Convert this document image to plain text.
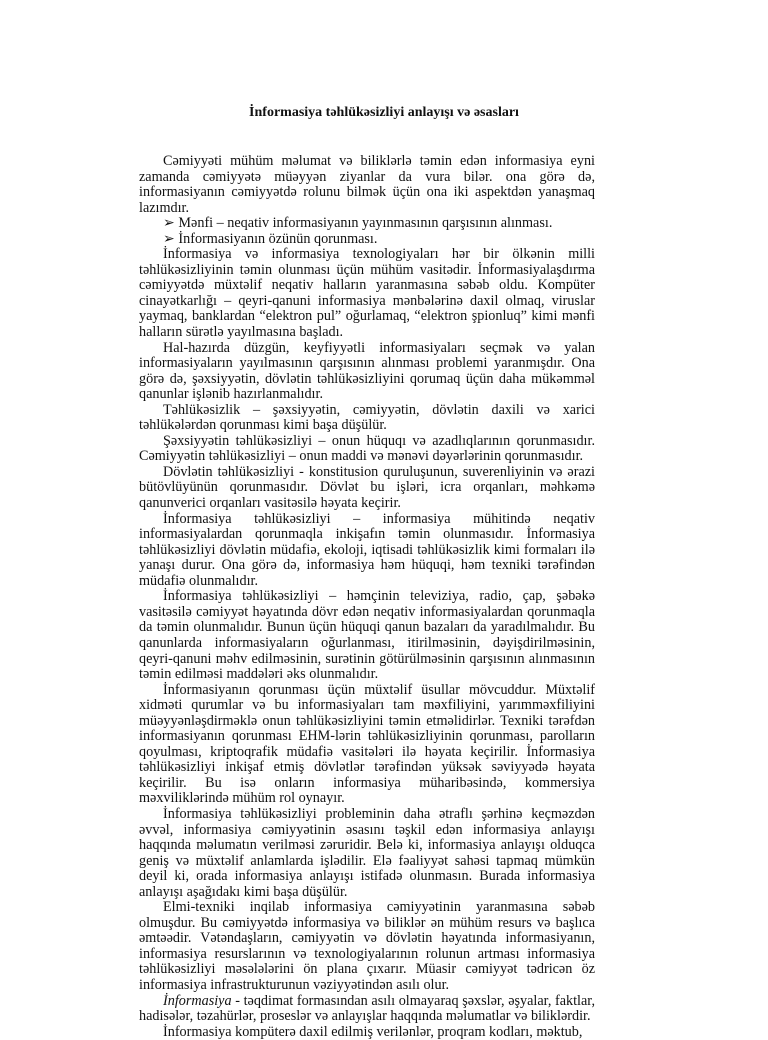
İnformasiya təhlükəsizliyi anlayışı və əsasları

Cəmiyyəti mühüm məlumat və biliklərlə təmin edən informasiya eyni zamanda cəmiyyətə müəyyən ziyanlar da vura bilər. ona görə də, informasiyanın cəmiyyətdə rolunu bilmək üçün ona iki aspektdən yanaşmaq lazımdır.

➢ Mənfi – neqativ informasiyanın yayınmasının qarşısının alınması.

➢ İnformasiyanın özünün qorunması.

İnformasiya və informasiya texnologiyaları hər bir ölkənin milli təhlükəsizliyinin təmin olunması üçün mühüm vasitədir. İnformasiyalaşdırma cəmiyyətdə müxtəlif neqativ halların yaranmasına səbəb oldu. Kompüter cinayətkarlığı – qeyri-qanuni informasiya mənbələrinə daxil olmaq, viruslar yaymaq, banklardan “elektron pul” oğurlamaq, “elektron şpionluq” kimi mənfi halların sürətlə yayılmasına başladı.

Hal-hazırda düzgün, keyfiyyətli informasiyaları seçmək və yalan informasiyaların yayılmasının qarşısının alınması problemi yaranmışdır. Ona görə də, şəxsiyyətin, dövlətin təhlükəsizliyini qorumaq üçün daha mükəmməl qanunlar işlənib hazırlanmalıdır.

Təhlükəsizlik – şəxsiyyətin, cəmiyyətin, dövlətin daxili və xarici təhlükələrdən qorunması kimi başa düşülür.

Şəxsiyyətin təhlükəsizliyi – onun hüquqı və azadlıqlarının qorunmasıdır. Cəmiyyətin təhlükəsizliyi – onun maddi və mənəvi dəyərlərinin qorunmasıdır.

Dövlətin təhlükəsizliyi - konstitusion quruluşunun, suverenliyinin və ərazi bütövlüyünün qorunmasıdır. Dövlət bu işləri, icra orqanları, məhkəmə qanunverici orqanları vasitəsilə həyata keçirir.

İnformasiya təhlükəsizliyi – informasiya mühitində neqativ informasiyalardan qorunmaqla inkişafın təmin olunmasıdır. İnformasiya təhlükəsizliyi dövlətin müdafiə, ekoloji, iqtisadi təhlükəsizlik kimi formaları ilə yanaşı durur. Ona görə də, informasiya həm hüquqi, həm texniki tərəfindən müdafiə olunmalıdır.

İnformasiya təhlükəsizliyi – həmçinin televiziya, radio, çap, şəbəkə vasitəsilə cəmiyyət həyatında dövr edən neqativ informasiyalardan qorunmaqla da təmin olunmalıdır. Bunun üçün hüquqi qanun bazaları da yaradılmalıdır. Bu qanunlarda informasiyaların oğurlanması, itirilməsinin, dəyişdirilməsinin, qeyri-qanuni məhv edilməsinin, surətinin götürülməsinin qarşısının alınmasının təmin edilməsi maddələri əks olunmalıdır.

İnformasiyanın qorunması üçün müxtəlif üsullar mövcuddur. Müxtəlif xidməti qurumlar və bu informasiyaları tam məxfiliyini, yarımməxfiliyini müəyyənləşdirməklə onun təhlükəsizliyini təmin etməlidirlər. Texniki tərəfdən informasiyanın qorunması EHM-lərin təhlükəsizliyinin qorunması, parolların qoyulması, kriptoqrafik müdafiə vasitələri ilə həyata keçirilir. İnformasiya təhlükəsizliyi inkişaf etmiş dövlətlər tərəfindən yüksək səviyyədə həyata keçirilir. Bu isə onların informasiya müharibəsində, kommersiya məxviliklərində mühüm rol oynayır.

İnformasiya təhlükəsizliyi probleminin daha ətraflı şərhinə keçməzdən əvvəl, informasiya cəmiyyətinin əsasını təşkil edən informasiya anlayışı haqqında məlumatın verilməsi zəruridir. Belə ki, informasiya anlayışı olduqca geniş və müxtəlif anlamlarda işlədilir. Elə fəaliyyət sahəsi tapmaq mümkün deyil ki, orada informasiya anlayışı istifadə olunmasın. Burada informasiya anlayışı aşağıdakı kimi başa düşülür.

Elmi-texniki inqilab informasiya cəmiyyətinin yaranmasına səbəb olmuşdur. Bu cəmiyyətdə informasiya və biliklər ən mühüm resurs və başlıca əmtəədir. Vətəndaşların, cəmiyyətin və dövlətin həyatında informasiyanın, informasiya resurslarının və texnologiyalarının rolunun artması informasiya təhlükəsizliyi məsələlərini ön plana çıxarır. Müasir cəmiyyət tədricən öz informasiya infrastrukturunun vəziyyətindən asılı olur.

İnformasiya - təqdimat formasından asılı olmayaraq şəxslər, əşyalar, faktlar, hadisələr, təzahürlər, proseslər və anlayışlar haqqında məlumatlar və biliklərdir.

İnformasiya kompüterə daxil edilmiş verilənlər, proqram kodları, məktub,
